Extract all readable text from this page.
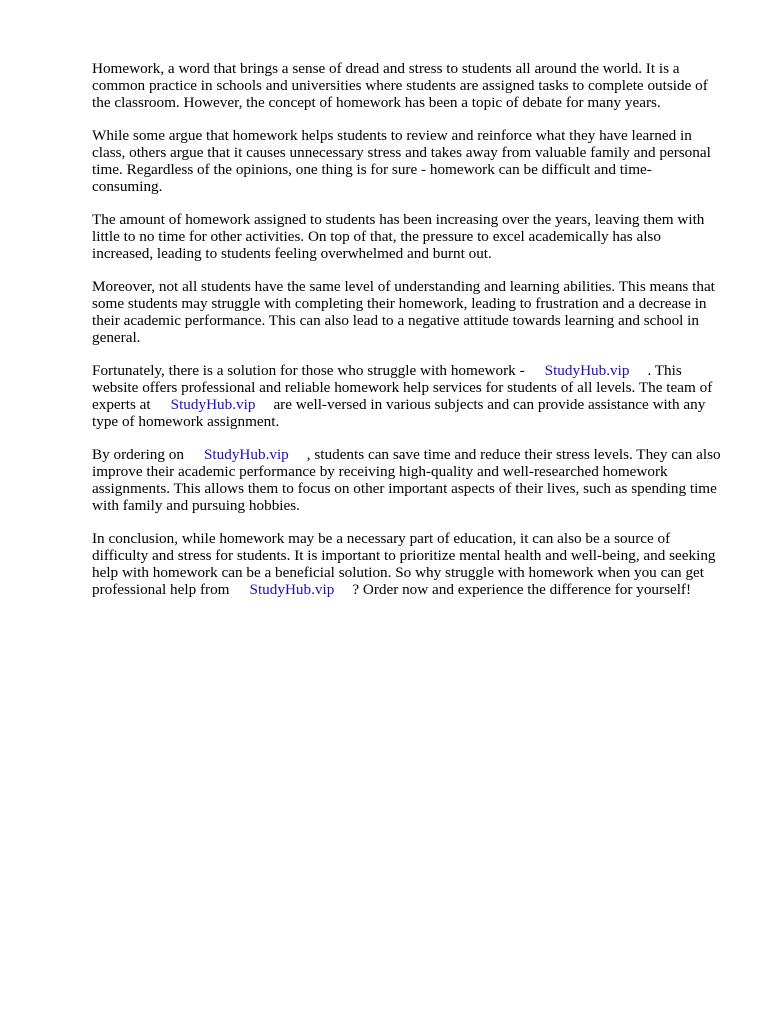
Homework, a word that brings a sense of dread and stress to students all around the world. It is a common practice in schools and universities where students are assigned tasks to complete outside of the classroom. However, the concept of homework has been a topic of debate for many years.

While some argue that homework helps students to review and reinforce what they have learned in class, others argue that it causes unnecessary stress and takes away from valuable family and personal time. Regardless of the opinions, one thing is for sure - homework can be difficult and time-consuming.

The amount of homework assigned to students has been increasing over the years, leaving them with little to no time for other activities. On top of that, the pressure to excel academically has also increased, leading to students feeling overwhelmed and burnt out.

Moreover, not all students have the same level of understanding and learning abilities. This means that some students may struggle with completing their homework, leading to frustration and a decrease in their academic performance. This can also lead to a negative attitude towards learning and school in general.

Fortunately, there is a solution for those who struggle with homework - StudyHub.vip . This website offers professional and reliable homework help services for students of all levels. The team of experts at StudyHub.vip are well-versed in various subjects and can provide assistance with any type of homework assignment.

By ordering on StudyHub.vip , students can save time and reduce their stress levels. They can also improve their academic performance by receiving high-quality and well-researched homework assignments. This allows them to focus on other important aspects of their lives, such as spending time with family and pursuing hobbies.

In conclusion, while homework may be a necessary part of education, it can also be a source of difficulty and stress for students. It is important to prioritize mental health and well-being, and seeking help with homework can be a beneficial solution. So why struggle with homework when you can get professional help from StudyHub.vip ? Order now and experience the difference for yourself!
